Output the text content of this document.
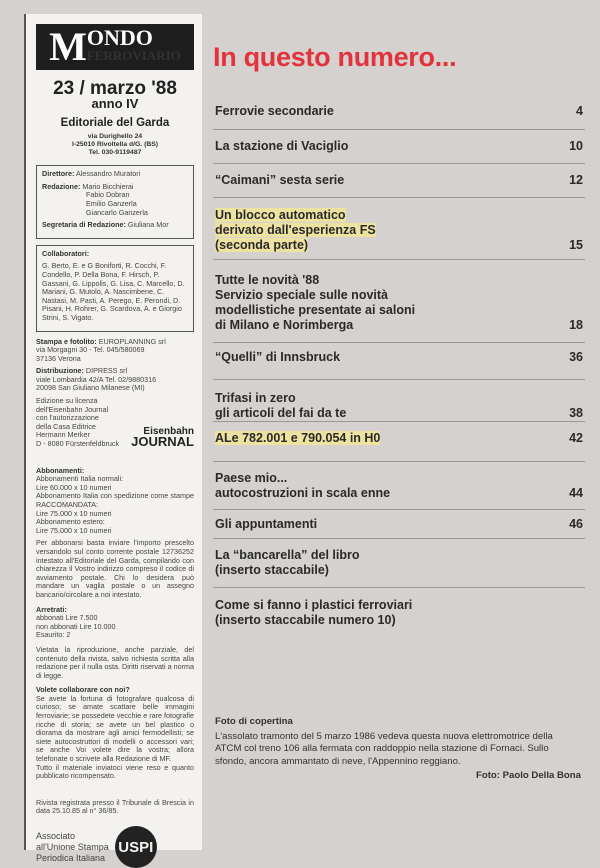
M ONDO
FERROVIARIO
23 / marzo '88
anno IV
Editoriale del Garda
via Durighello 24
I-25010 Rivoltella d/G. (BS)
Tel. 030-9119487

Direttore: Alessandro Muratori

Redazione: Mario Bicchierai
Fabio Dobran
Emilio Ganzerla
Giancarlo Ganzerla

Segretaria di Redazione: Giuliana Mor

Collaboratori:

G. Berto, E. e G Boniforti, R. Cocchi, F. Condello, P. Della Bona, F. Hirsch, P. Gassani, G. Lippolis, G. Lisa, C. Marcello, D. Mariani, G. Mutolo, A. Nascimbene, C. Nastasi, M. Pasti, A. Perego, E. Perondi, D. Pisani, H. Rohrer, G. Scardova, A. e Giorgio Strini, S. Vigato.

Stampa e fotolito: EUROPLANNING srl
via Morgagni 30 - Tel. 045/580069
37136 Verona

Distribuzione: DIPRESS srl
viale Lombardia 42/A Tel. 02/9880316
20098 San Giuliano Milanese (MI)

Edizione su licenza dell'Eisenbahn Journal
con l'autorizzazione
della Casa Editrice
Hermann Merker
D - 8080 Fürstenfeldbruck
Eisenbahn
JOURNAL

Abbonamenti:

Abbonamenti Italia normali:
Lire 60.000 x 10 numeri
Abbonamento Italia con spedizione come stampe RACCOMANDATA:
Lire 75.000 x 10 numeri
Abbonamento estero:
Lire 75.000 x 10 numeri

Per abbonarsi basta inviare l'importo prescelto versandolo sul conto corrente postale 12736252 intestato all'Editoriale del Garda, compilando con chiarezza il Vostro indirizzo compreso il codice di avviamento postale. Chi lo desidera può mandare un vaglia postale o un assegno bancario/circolare a noi intestato.

Arretrati:
abbonati Lire 7.500
non abbonati Lire 10.000
Esaurito: 2

Vietata la riproduzione, anche parziale, del contenuto della rivista, salvo richiesta scritta alla redazione per il nulla osta. Diritti riservati a norma di legge.

Volete collaborare con noi?

Se avete la fortuna di fotografare qualcosa di curioso; se amate scattare belle immagini ferroviarie; se possedete vecchie e rare fotografie ricche di storia; se avete un bel plastico o diorama da mostrare agli amici fermodellisti; se siete autocostruttori di modelli o accessori vari; se anche Voi volete dire la vostra; allora telefonate o scrivete alla Redazione di MF.

Tutto il materiale inviatoci viene reso e quanto pubblicato ricompensato.

Rivista registrata presso il Tribunale di Brescia in data 25.10.85 al n° 36/85.

Associato
all'Unione Stampa
Periodica Italiana
USPI
In questo numero...
Ferrovie secondarie	4
La stazione di Vaciglio	10
“Caimani” sesta serie	12
Un blocco automatico
derivato dall'esperienza FS
(seconda parte)	15
Tutte le novità '88
Servizio speciale sulle novità
modellistiche presentate ai saloni
di Milano e Norimberga	18
“Quelli” di Innsbruck	36
Trifasi in zero
gli articoli del fai da te	38
ALe 782.001 e 790.054 in H0	42
Paese mio...
autocostruzioni in scala enne	44
Gli appuntamenti	46
La “bancarella” del libro
(inserto staccabile)
Come si fanno i plastici ferroviari
(inserto staccabile numero 10)
Foto di copertina
L'assolato tramonto del 5 marzo 1986 vedeva questa nuova elettromotrice della ATCM col treno 106 alla fermata con raddoppio nella stazione di Fornaci. Sullo sfondo, ancora ammantato di neve, l'Appennino reggiano.
Foto: Paolo Della Bona
